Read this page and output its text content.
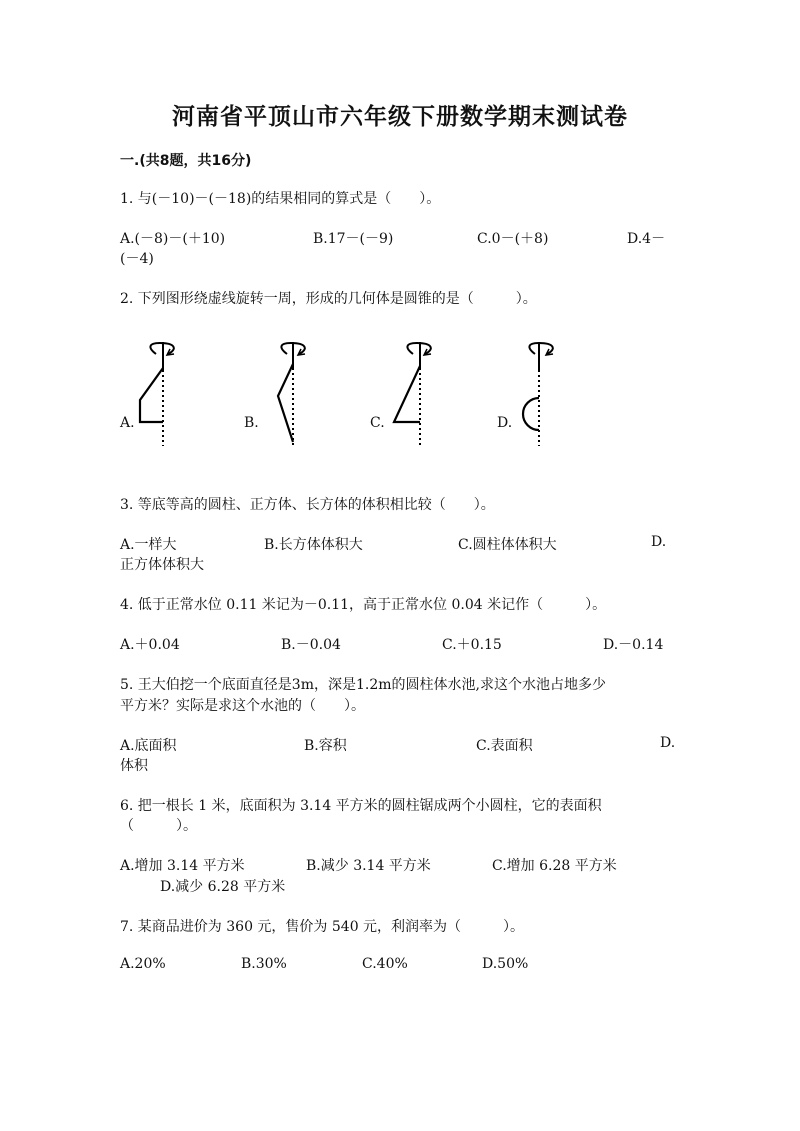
河南省平顶山市六年级下册数学期末测试卷
一.(共8题，共16分)
1. 与(－10)－(－18)的结果相同的算式是（　　）。
A.(－8)－(＋10)	B.17－(－9)	C.0－(＋8)	D.4－
(－4)
2. 下列图形绕虚线旋转一周，形成的几何体是圆锥的是（　　　）。
A.	B.	C.	D.
3. 等底等高的圆柱、正方体、长方体的体积相比较（　　）。
A.一样大	B.长方体体积大	C.圆柱体体积大	D.
正方体体积大
4. 低于正常水位 0.11 米记为－0.11，高于正常水位 0.04 米记作（　　　）。
A.＋0.04	B.－0.04	C.＋0.15	D.－0.14
5. 王大伯挖一个底面直径是3m，深是1.2m的圆柱体水池,求这个水池占地多少
平方米？实际是求这个水池的（　　）。
A.底面积	B.容积	C.表面积	D.
体积
6. 把一根长 1 米，底面积为 3.14 平方米的圆柱锯成两个小圆柱，它的表面积
（　　　）。
A.增加 3.14 平方米	B.减少 3.14 平方米	C.增加 6.28 平方米
D.减少 6.28 平方米
7. 某商品进价为 360 元，售价为 540 元，利润率为（　　　）。
A.20%	B.30%	C.40%	D.50%
